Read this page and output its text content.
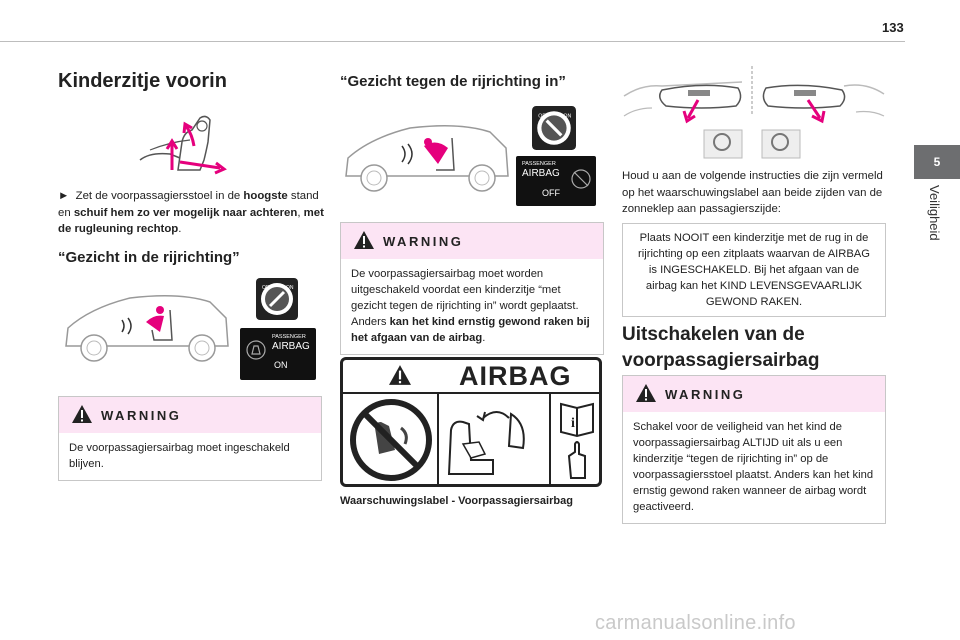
133
5
Veiligheid
Kinderzitje voorin
► Zet de voorpassagiersstoel in de hoogste stand en schuif hem zo ver mogelijk naar achteren, met de rugleuning rechtop.
“Gezicht in de rijrichting”
OFF	ON
PASSENGER
AIRBAG
ON
WARNING
De voorpassagiersairbag moet ingeschakeld blijven.
“Gezicht tegen de rijrichting in”
OFF	ON
PASSENGER
AIRBAG
OFF
WARNING
De voorpassagiersairbag moet worden uitgeschakeld voordat een kinderzitje “met gezicht tegen de rijrichting in” wordt geplaatst. Anders kan het kind ernstig gewond raken bij het afgaan van de airbag.
AIRBAG
i
Waarschuwingslabel - Voorpassagiersairbag
Houd u aan de volgende instructies die zijn vermeld op het waarschuwingslabel aan beide zijden van de zonneklep aan passagierszijde:
Plaats NOOIT een kinderzitje met de rug in de rijrichting op een zitplaats waarvan de AIRBAG is INGESCHAKELD. Bij het afgaan van de airbag kan het KIND LEVENSGEVAARLIJK GEWOND RAKEN.
Uitschakelen van de voorpassagiersairbag
WARNING
Schakel voor de veiligheid van het kind de voorpassagiersairbag ALTIJD uit als u een kinderzitje “tegen de rijrichting in” op de voorpassagiersstoel plaatst. Anders kan het kind ernstig gewond raken wanneer de airbag wordt geactiveerd.
carmanualsonline.info
